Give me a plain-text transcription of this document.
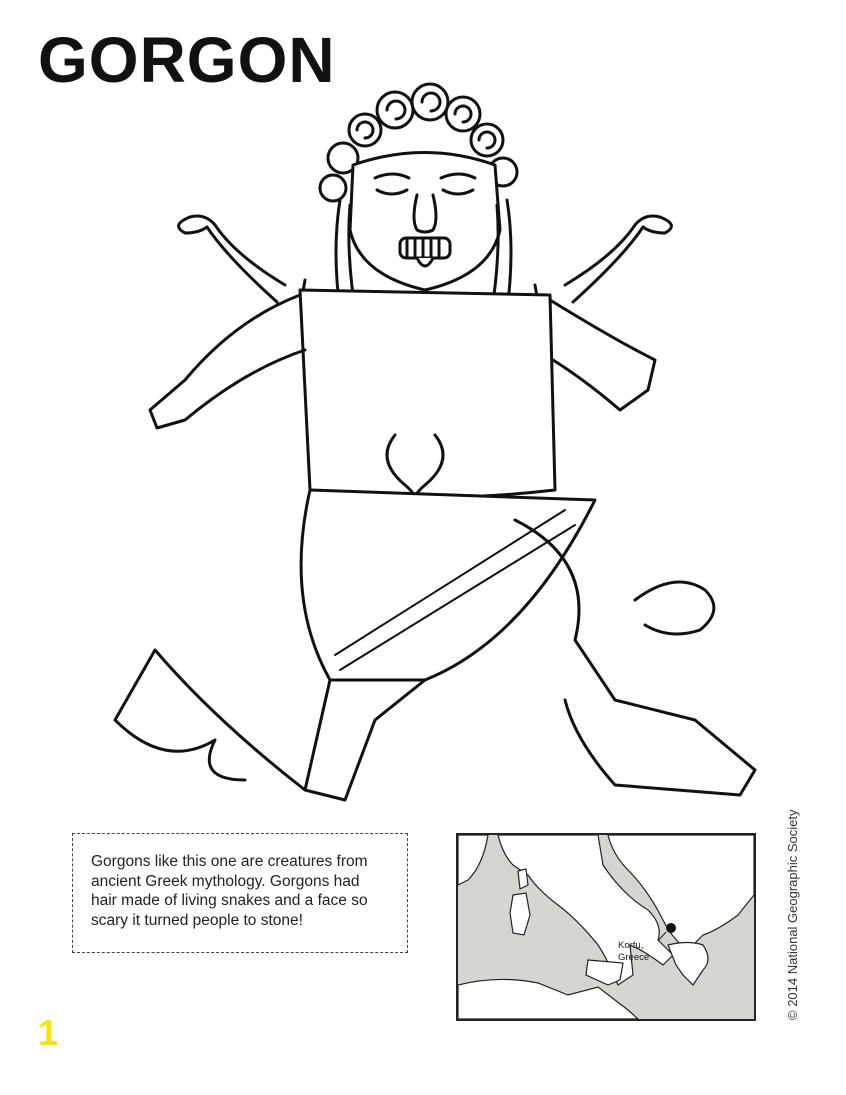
GORGON
Gorgons like this one are creatures from ancient Greek mythology. Gorgons had hair made of living snakes and a face so scary it turned people to stone!
Korfu,
Greece	© 2014 National Geographic Society
1
